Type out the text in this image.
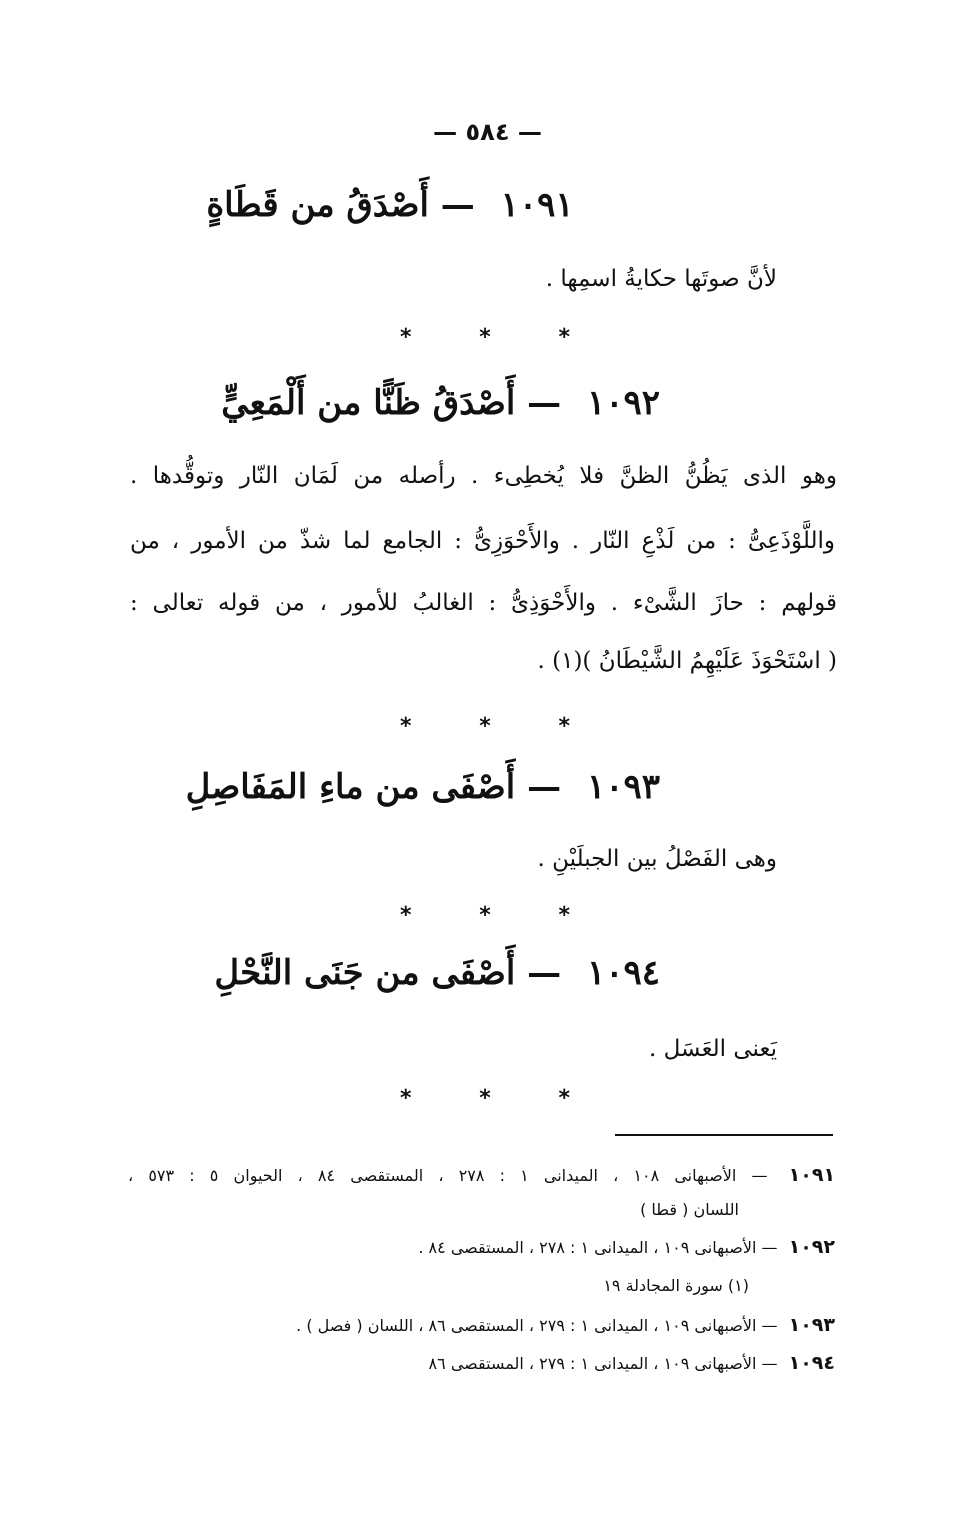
— ٥٨٤ —
١٠٩١ — أَصْدَقُ من قَطَاةٍ
لأنَّ صوتَها حكايةُ اسمِها .
*	*	*
١٠٩٢ — أَصْدَقُ ظَنًّا من أَلْمَعِيٍّ
وهو الذى يَظُنُّ الظنَّ فلا يُخطِىء . رأصله من لَمَان النّار وتوقُّدها .
واللَّوْذَعِىُّ : من لَذْعِ النّار . والأَحْوَزِىُّ : الجامع لما شذّ من الأمور ، من
قولهم : حازَ الشَّىْء . والأَحْوَذِىُّ : الغالبُ للأمور ، من قوله تعالى :
( اسْتَحْوَذَ عَلَيْهِمُ الشَّيْطَانُ )(١) .
*	*	*
١٠٩٣ — أَصْفَى من ماءِ المَفَاصِلِ
وهى الفَصْلُ بين الجبلَيْنِ .
*	*	*
١٠٩٤ — أَصْفَى من جَنَى النَّحْلِ
يَعنى العَسَل .
*	*	*
١٠٩١ — الأصبهانى ١٠٨ ، الميدانى ١ : ٢٧٨ ، المستقصى ٨٤ ، الحيوان ٥ : ٥٧٣ ،
اللسان ( قطا )
١٠٩٢ — الأصبهانى ١٠٩ ، الميدانى ١ : ٢٧٨ ، المستقصى ٨٤ .
(١) سورة المجادلة ١٩
١٠٩٣ — الأصبهانى ١٠٩ ، الميدانى ١ : ٢٧٩ ، المستقصى ٨٦ ، اللسان ( فصل ) .
١٠٩٤ — الأصبهانى ١٠٩ ، الميدانى ١ : ٢٧٩ ، المستقصى ٨٦
